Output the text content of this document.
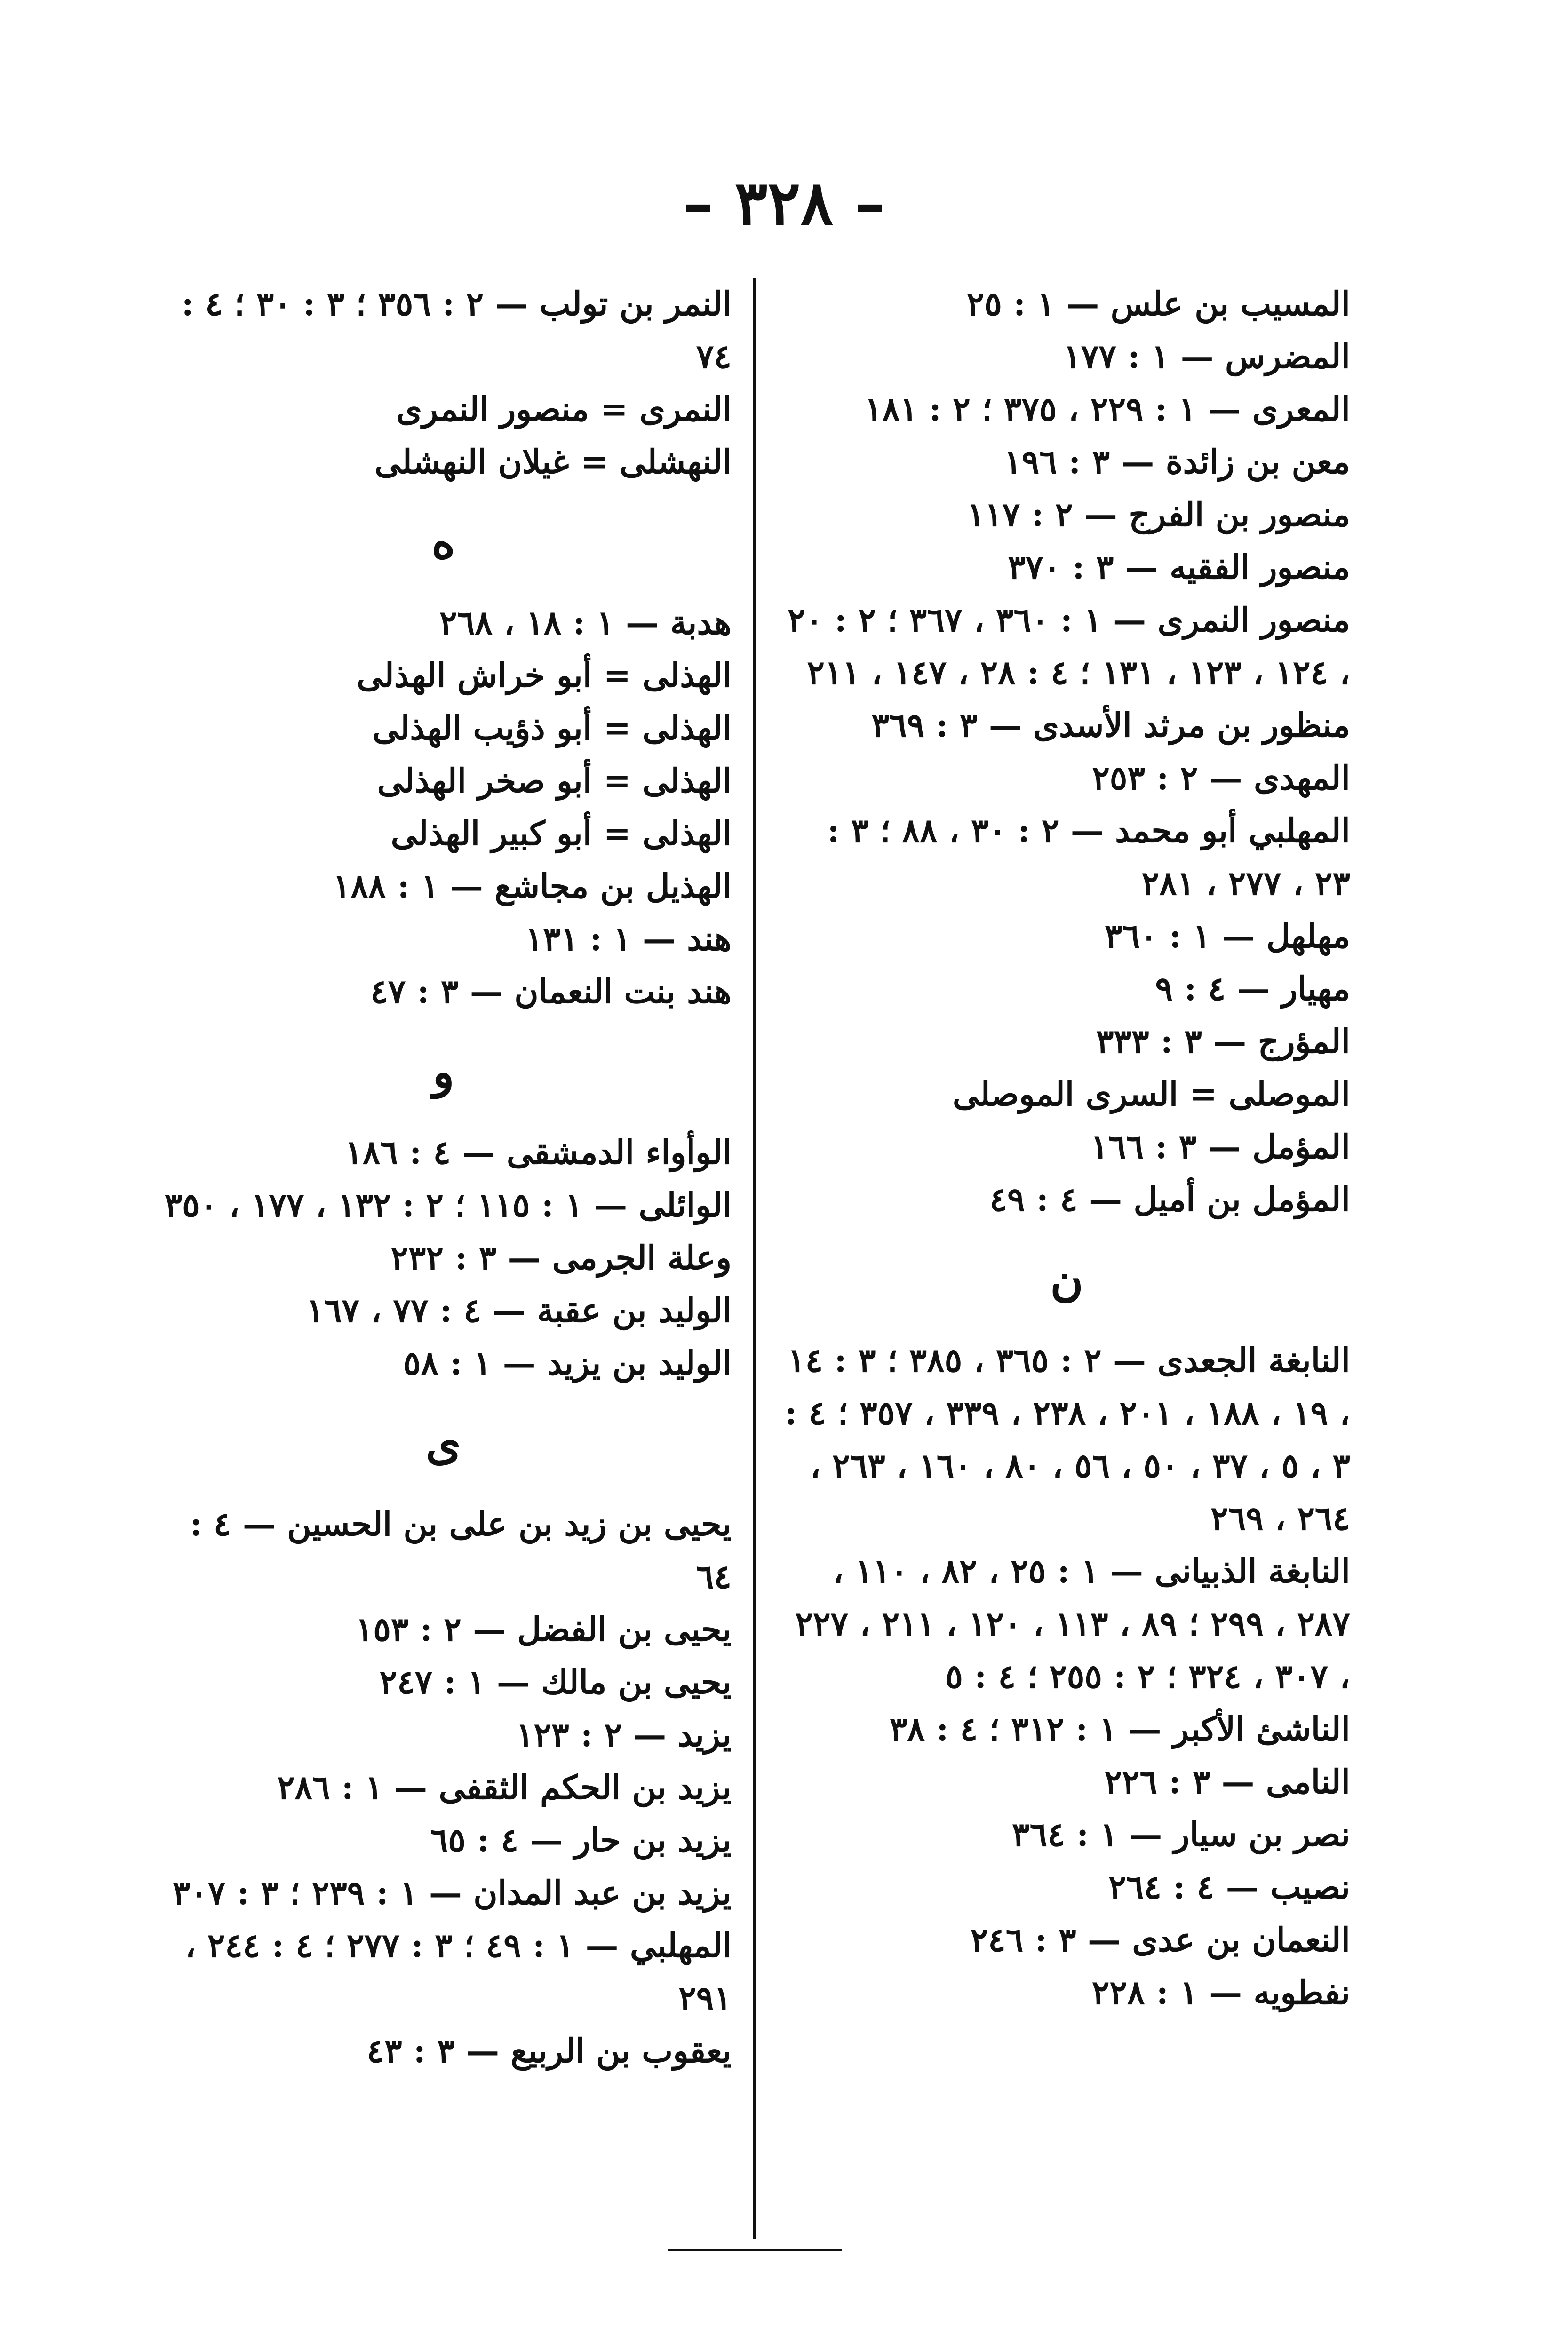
– ٣٢٨ –
المسيب بن علس — ١ : ٢٥
المضرس — ١ : ١٧٧
المعرى — ١ : ٢٢٩ ، ٣٧٥ ؛ ٢ : ١٨١
معن بن زائدة — ٣ : ١٩٦
منصور بن الفرج — ٢ : ١١٧
منصور الفقيه — ٣ : ٣٧٠
منصور النمرى — ١ : ٣٦٠ ، ٣٦٧ ؛ ٢ : ٢٠ ، ١٢٤ ، ١٢٣ ، ١٣١ ؛ ٤ : ٢٨ ، ١٤٧ ، ٢١١
منظور بن مرثد الأسدى — ٣ : ٣٦٩
المهدى — ٢ : ٢٥٣
المهلبي أبو محمد — ٢ : ٣٠ ، ٨٨ ؛ ٣ : ٢٣ ، ٢٧٧ ، ٢٨١
مهلهل — ١ : ٣٦٠
مهيار — ٤ : ٩
المؤرج — ٣ : ٣٣٣
الموصلى = السرى الموصلى
المؤمل — ٣ : ١٦٦
المؤمل بن أميل — ٤ : ٤٩
ن
النابغة الجعدى — ٢ : ٣٦٥ ، ٣٨٥ ؛ ٣ : ١٤ ، ١٩ ، ١٨٨ ، ٢٠١ ، ٢٣٨ ، ٣٣٩ ، ٣٥٧ ؛ ٤ : ٣ ، ٥ ، ٣٧ ، ٥٠ ، ٥٦ ، ٨٠ ، ١٦٠ ، ٢٦٣ ، ٢٦٤ ، ٢٦٩
النابغة الذبيانى — ١ : ٢٥ ، ٨٢ ، ١١٠ ، ٢٨٧ ، ٢٩٩ ؛ ٨٩ ، ١١٣ ، ١٢٠ ، ٢١١ ، ٢٢٧ ، ٣٠٧ ، ٣٢٤ ؛ ٢ : ٢٥٥ ؛ ٤ : ٥
الناشئ الأكبر — ١ : ٣١٢ ؛ ٤ : ٣٨
النامى — ٣ : ٢٢٦
نصر بن سيار — ١ : ٣٦٤
نصيب — ٤ : ٢٦٤
النعمان بن عدى — ٣ : ٢٤٦
نفطويه — ١ : ٢٢٨
النمر بن تولب — ٢ : ٣٥٦ ؛ ٣ : ٣٠ ؛ ٤ : ٧٤
النمرى = منصور النمرى
النهشلى = غيلان النهشلى
ه
هدبة — ١ : ١٨ ، ٢٦٨
الهذلى = أبو خراش الهذلى
الهذلى = أبو ذؤيب الهذلى
الهذلى = أبو صخر الهذلى
الهذلى = أبو كبير الهذلى
الهذيل بن مجاشع — ١ : ١٨٨
هند — ١ : ١٣١
هند بنت النعمان — ٣ : ٤٧
و
الوأواء الدمشقى — ٤ : ١٨٦
الوائلى — ١ : ١١٥ ؛ ٢ : ١٣٢ ، ١٧٧ ، ٣٥٠
وعلة الجرمى — ٣ : ٢٣٢
الوليد بن عقبة — ٤ : ٧٧ ، ١٦٧
الوليد بن يزيد — ١ : ٥٨
ى
يحيى بن زيد بن على بن الحسين — ٤ : ٦٤
يحيى بن الفضل — ٢ : ١٥٣
يحيى بن مالك — ١ : ٢٤٧
يزيد — ٢ : ١٢٣
يزيد بن الحكم الثقفى — ١ : ٢٨٦
يزيد بن حار — ٤ : ٦٥
يزيد بن عبد المدان — ١ : ٢٣٩ ؛ ٣ : ٣٠٧
المهلبي — ١ : ٤٩ ؛ ٣ : ٢٧٧ ؛ ٤ : ٢٤٤ ، ٢٩١
يعقوب بن الربيع — ٣ : ٤٣
